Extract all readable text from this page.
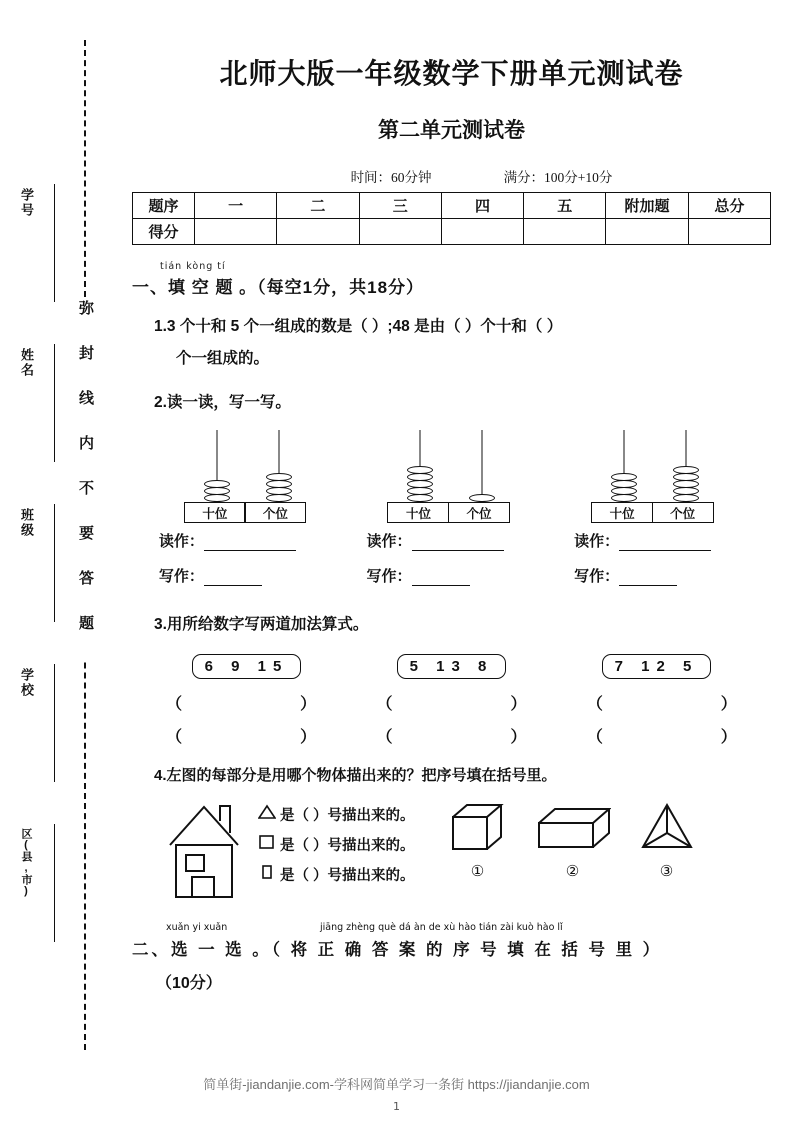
学号
姓名
班级
学校
区(县,市)
弥封线内不要答题
北师大版一年级数学下册单元测试卷
第二单元测试卷
时间：60分钟	满分：100分+10分
题序	一	二	三	四	五	附加题	总分
得分							
tián kòng tí
一、填 空 题 。（每空1分，共18分）
1.3 个十和 5 个一组成的数是（ ）;48 是由（ ）个十和（ ）
个一组成的。
2.读一读，写一写。
十位	个位	十位	个位	十位	个位
读作：
写作：
读作：
写作：
读作：
写作：
3.用所给数字写两道加法算式。
6 9 15	5 13 8	7 12 5
（	）	（	）	（	）
（	）	（	）	（	）
4.左图的每部分是用哪个物体描出来的？把序号填在括号里。
是（ ）号描出来的。
是（ ）号描出来的。
是（ ）号描出来的。	①	②	③
xuǎn yi xuǎn	jiāng zhèng què dá àn de xù hào tián zài kuò hào lǐ
二、选 一 选 。（ 将 正 确 答 案 的 序 号 填 在 括 号 里 ）
（10分）
简单街-jiandanjie.com-学科网简单学习一条街 https://jiandanjie.com
1
